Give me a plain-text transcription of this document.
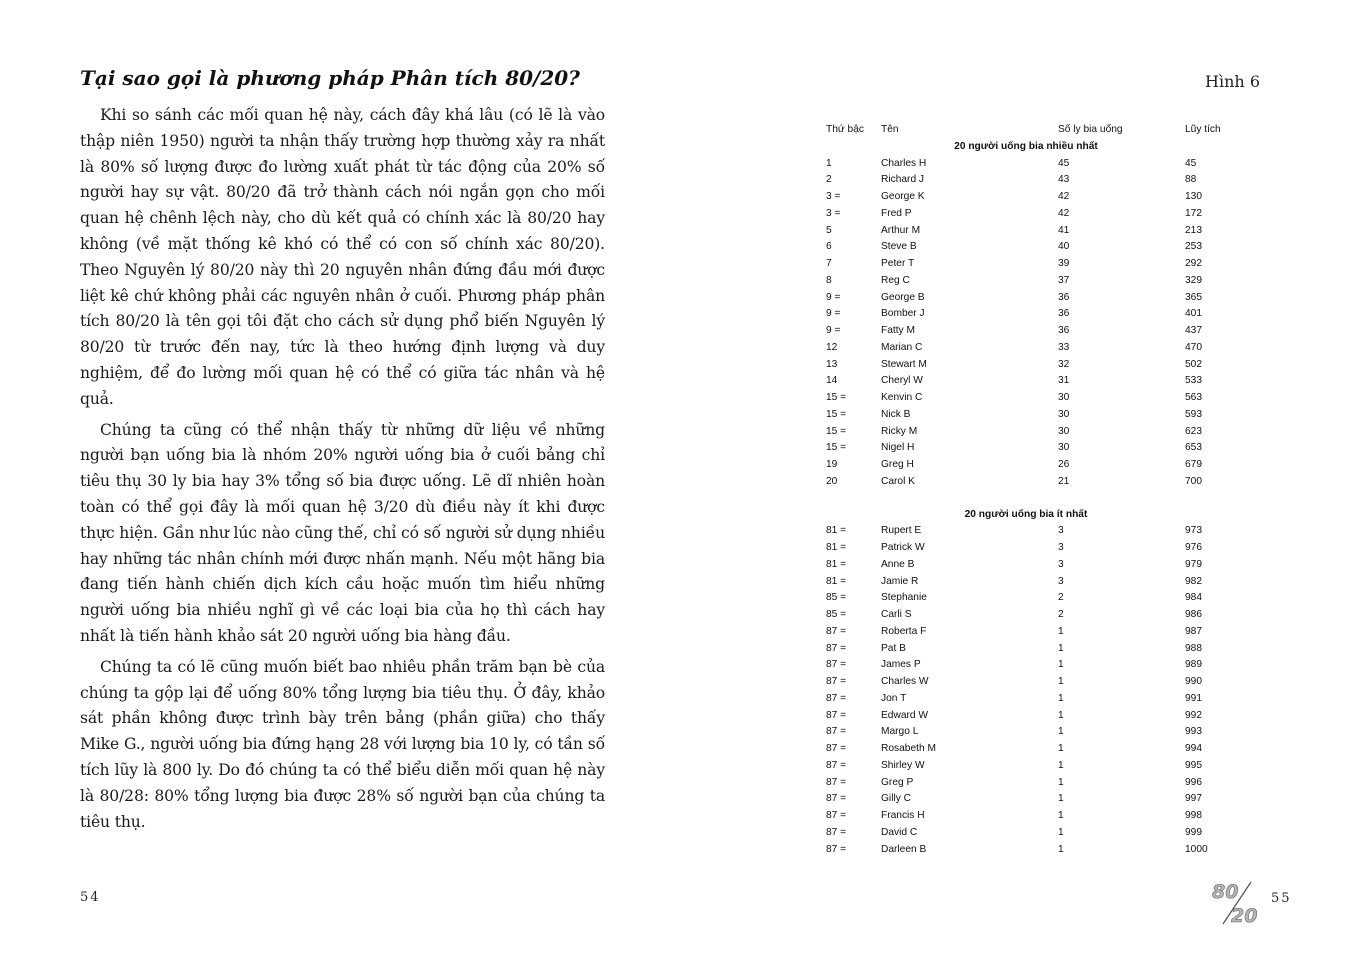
Tại sao gọi là phương pháp Phân tích 80/20?

Khi so sánh các mối quan hệ này, cách đây khá lâu (có lẽ là vào thập niên 1950) người ta nhận thấy trường hợp thường xảy ra nhất là 80% số lượng được đo lường xuất phát từ tác động của 20% số người hay sự vật. 80/20 đã trở thành cách nói ngắn gọn cho mối quan hệ chênh lệch này, cho dù kết quả có chính xác là 80/20 hay không (về mặt thống kê khó có thể có con số chính xác 80/20). Theo Nguyên lý 80/20 này thì 20 nguyên nhân đứng đầu mới được liệt kê chứ không phải các nguyên nhân ở cuối. Phương pháp phân tích 80/20 là tên gọi tôi đặt cho cách sử dụng phổ biến Nguyên lý 80/20 từ trước đến nay, tức là theo hướng định lượng và duy nghiệm, để đo lường mối quan hệ có thể có giữa tác nhân và hệ quả.

Chúng ta cũng có thể nhận thấy từ những dữ liệu về những người bạn uống bia là nhóm 20% người uống bia ở cuối bảng chỉ tiêu thụ 30 ly bia hay 3% tổng số bia được uống. Lẽ dĩ nhiên hoàn toàn có thể gọi đây là mối quan hệ 3/20 dù điều này ít khi được thực hiện. Gần như lúc nào cũng thế, chỉ có số người sử dụng nhiều hay những tác nhân chính mới được nhấn mạnh. Nếu một hãng bia đang tiến hành chiến dịch kích cầu hoặc muốn tìm hiểu những người uống bia nhiều nghĩ gì về các loại bia của họ thì cách hay nhất là tiến hành khảo sát 20 người uống bia hàng đầu.

Chúng ta có lẽ cũng muốn biết bao nhiêu phần trăm bạn bè của chúng ta gộp lại để uống 80% tổng lượng bia tiêu thụ. Ở đây, khảo sát phần không được trình bày trên bảng (phần giữa) cho thấy Mike G., người uống bia đứng hạng 28 với lượng bia 10 ly, có tần số tích lũy là 800 ly. Do đó chúng ta có thể biểu diễn mối quan hệ này là 80/28: 80% tổng lượng bia được 28% số người bạn của chúng ta tiêu thụ.

54
Hình 6
Thứ bậc Tên	Số ly bia uống	Lũy tích
20 người uống bia nhiều nhất
1	Charles H	45	45
2	Richard J	43	88
3 =	George K	42	130
3 =	Fred P	42	172
5	Arthur M	41	213
6	Steve B	40	253
7	Peter T	39	292
8	Reg C	37	329
9 =	George B	36	365
9 =	Bomber J	36	401
9 =	Fatty M	36	437
12	Marian C	33	470
13	Stewart M	32	502
14	Cheryl W	31	533
15 =	Kenvin C	30	563
15 =	Nick B	30	593
15 =	Ricky M	30	623
15 =	Nigel H	30	653
19	Greg H	26	679
20	Carol K	21	700
20 người uống bia ít nhất
81 =	Rupert E	3	973
81 =	Patrick W	3	976
81 =	Anne B	3	979
81 =	Jamie R	3	982
85 =	Stephanie	2	984
85 =	Carli S	2	986
87 =	Roberta F	1	987
87 =	Pat B	1	988
87 =	James P	1	989
87 =	Charles W	1	990
87 =	Jon T	1	991
87 =	Edward W	1	992
87 =	Margo L	1	993
87 =	Rosabeth M	1	994
87 =	Shirley W	1	995
87 =	Greg P	1	996
87 =	Gilly C	1	997
87 =	Francis H	1	998
87 =	David C	1	999
87 =	Darleen B	1	1000
80
20
55
